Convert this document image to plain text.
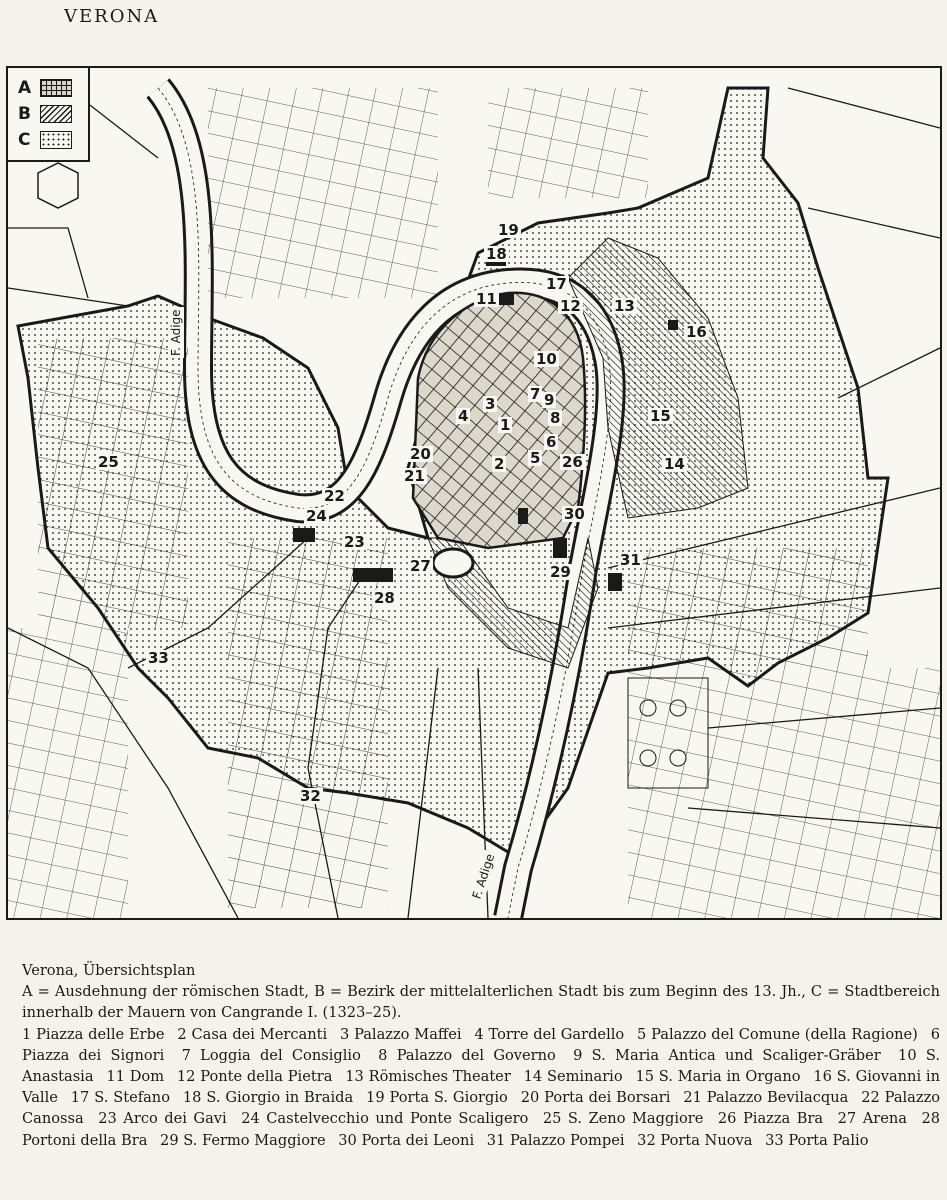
VERONA
A
B
C
F. Adige
F. Adige
1
2
3
4
5
6
7
8
9
10
11	12 13
14
15
16
17
18
19
20
21
22
23
24
25	26
27
28
29
30
31
32
33
Verona, Übersichtsplan
A = Ausdehnung der römischen Stadt, B = Bezirk der mittelalterlichen Stadt bis zum Beginn des 13. Jh., C = Stadtbereich innerhalb der Mauern von Cangrande I. (1323–25).
1 Piazza delle Erbe 2 Casa dei Mercanti 3 Palazzo Maffei 4 Torre del Gardello 5 Palazzo del Comune (della Ragione) 6 Piazza dei Signori 7 Loggia del Consiglio 8 Palazzo del Governo 9 S. Maria Antica und Scaliger-Gräber 10 S. Anastasia 11 Dom 12 Ponte della Pietra 13 Römisches Theater 14 Seminario 15 S. Maria in Organo 16 S. Giovanni in Valle 17 S. Stefano 18 S. Giorgio in Braida 19 Porta S. Giorgio 20 Porta dei Borsari 21 Palazzo Bevilacqua 22 Palazzo Canossa 23 Arco dei Gavi 24 Castelvecchio und Ponte Scaligero 25 S. Zeno Maggiore 26 Piazza Bra 27 Arena 28 Portoni della Bra 29 S. Fermo Maggiore 30 Porta dei Leoni 31 Palazzo Pompei 32 Porta Nuova 33 Porta Palio
